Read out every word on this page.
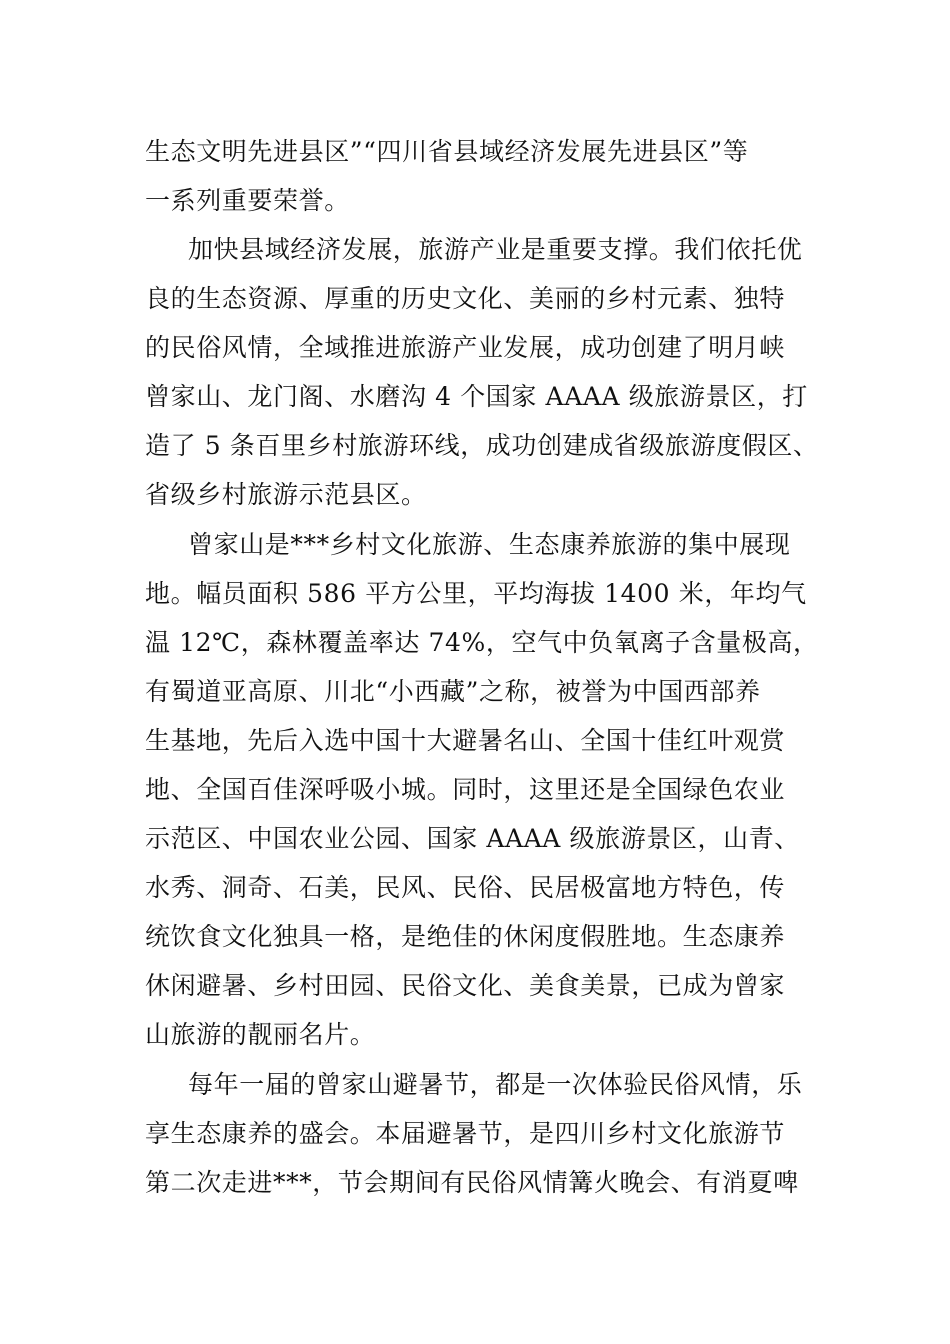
生态文明先进县区”“四川省县域经济发展先进县区”等
一系列重要荣誉。
加快县域经济发展，旅游产业是重要支撑。我们依托优
良的生态资源、厚重的历史文化、美丽的乡村元素、独特
的民俗风情，全域推进旅游产业发展，成功创建了明月峡
曾家山、龙门阁、水磨沟 4 个国家 AAAA 级旅游景区，打
造了 5 条百里乡村旅游环线，成功创建成省级旅游度假区、
省级乡村旅游示范县区。
曾家山是***乡村文化旅游、生态康养旅游的集中展现
地。幅员面积 586 平方公里，平均海拔 1400 米，年均气
温 12℃，森林覆盖率达 74%，空气中负氧离子含量极高，
有蜀道亚高原、川北“小西藏”之称，被誉为中国西部养
生基地，先后入选中国十大避暑名山、全国十佳红叶观赏
地、全国百佳深呼吸小城。同时，这里还是全国绿色农业
示范区、中国农业公园、国家 AAAA 级旅游景区，山青、
水秀、洞奇、石美，民风、民俗、民居极富地方特色，传
统饮食文化独具一格，是绝佳的休闲度假胜地。生态康养
休闲避暑、乡村田园、民俗文化、美食美景，已成为曾家
山旅游的靓丽名片。
每年一届的曾家山避暑节，都是一次体验民俗风情，乐
享生态康养的盛会。本届避暑节，是四川乡村文化旅游节
第二次走进***，节会期间有民俗风情篝火晚会、有消夏啤
